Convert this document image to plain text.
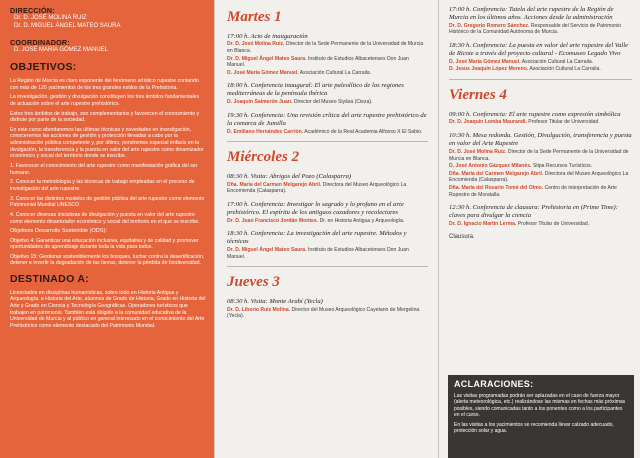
DIRECCIÓN:
Dr. D. JOSÉ MOLINA RUIZ
Dr. D. MIGUEL ÁNGEL MATEO SAURA
COORDINADOR:
D. JOSÉ MARÍA GÓMEZ MANUEL
OBJETIVOS:

La Región de Murcia es claro exponente del fenómeno artístico rupestre contando con más de 125 yacimientos de los tres grandes estilos de la Prehistoria.

La investigación, gestión y divulgación constituyen los tres ámbitos fundamentales de actuación sobre el arte rupestre prehistórico.

Estos tres ámbitos de trabajo, son complementarios y favorecen el conocimiento y disfrute por parte de la sociedad.

En este curso abordaremos las últimas técnicas y novedades en investigación, conoceremos las acciones de gestión y protección llevadas a cabo por la administración pública competente y, por último, pondremos especial énfasis en la divulgación, la transferencia y la puesta en valor del arte rupestre como dinamizador económico y social del territorio donde se inscribe.

1. Favorecer el conocimiento del arte rupestre como manifestación gráfica del ser humano.

2. Conocer la metodología y las técnicas de trabajo empleadas en el proceso de investigación del arte rupestre.

3. Conocer las distintos modelos de gestión pública del arte rupestre como elemento Patrimonial Mundial UNESCO.

4. Conocer diversas iniciativas de divulgación y puesta en valor del arte rupestre como elemento dinamizador económico y social del territorio en el que se inscribe.

Objetivos Desarrollo Sostenible (ODS):

Objetivo 4: Garantizar una educación inclusiva, equitativa y de calidad y promover oportunidades de aprendizaje durante toda la vida para todos.

Objetivo 15: Gestionar sosteniblemente los bosques, luchar contra la desertificación, detener e invertir la degradación de las tierras, detener la pérdida de biodiversidad.

DESTINADO A:

Licenciados en disciplinas humanísticas, sobre todo en Historia Antigua y Arqueología, e Historia del Arte, alumnos de Grado de Historia, Grado en Historia del Arte y Grado en Ciencia y Tecnología Geográficas. Operadores turísticos que trabajen en patrimonio. También está dirigido a la comunidad educativa de la Universidad de Murcia y al público en general interesado en el conocimiento del Arte Prehistórico como elemento destacado del Patrimonio Mundial.

Martes 1
17:00 h. Acto de inauguración
Dr. D. José Molina Ruiz. Director de la Sede Permanente de la Universidad de Murcia en Blanca.
Dr. D. Miguel Ángel Mateo Saura. Instituto de Estudios Albacetenses Don Juan Manuel.
D. José María Gómez Manuel. Asociación Cultural La Carraila.
18:00 h. Conferencia inaugural: El arte paleolítico de las regiones mediterráneas de la península ibérica
D. Joaquín Salmerón Juan. Director del Museo Siyâsa (Cieza).
19:30 h. Conferencia: Una revisión crítica del arte rupestre prehistórico de la comarca de Jumilla
D. Emiliano Hernández Carrión. Académico de la Real Academia Alfonso X El Sabio.
Miércoles 2
08:30 h. Visita: Abrigos del Pozo (Calasparra)
Dña. María del Carmen Melgarejo Abril. Directora del Museo Arqueológico La Encomienda (Calasparra).
17:00 h. Conferencia: Investigar lo sagrado y lo profano en el arte prehistórico. El espíritu de los antiguos cazadores y recolectores
Dr. D. Juan Francisco Jordán Montes. Dr. en Historia Antigua y Arqueología.
18:30 h. Conferencia: La investigación del arte rupestre. Métodos y técnicas
Dr. D. Miguel Ángel Mateo Saura. Instituto de Estudios Albacetenses Don Juan Manuel.
Jueves 3
08:30 h. Visita: Monte Arabí (Yecla)
Dr. D. Liborio Ruiz Molina. Director del Museo Arqueológico Cayetano de Mergelina (Yecla).
17:00 h. Conferencia: Tutela del arte rupestre de la Región de Murcia en los últimos años. Acciones desde la administración
Dr. D. Gregorio Romero Sánchez. Responsable del Servicio de Patrimonio Histórico de la Comunidad Autónoma de Murcia.
18:30 h. Conferencia: La puesta en valor del arte rupestre del Valle de Ricote a través del proyecto cultural - Ecomuseo Legado Vivo
D. José María Gómez Manuel. Asociación Cultural La Carraila.
D. Jesús Joaquín López Moreno. Asociación Cultural La Carraila.
Viernes 4
09:00 h. Conferencia: El arte rupestre como expresión simbólica
Dr. D. Joaquín Lomba Maurandi. Profesor Titular de Universidad.
10:30 h. Mesa redonda. Gestión, Divulgación, transferencia y puesta en valor del Arte Rupestre
Dr. D. José Molina Ruiz. Director de la Sede Permanente de la Universidad de Murcia en Blanca.
D. José Antonio Gázquez Milanés. Stipa Recursos Turísticos.
Dña. María del Carmen Melgarejo Abril. Directora del Museo Arqueológico La Encomienda (Calasparra).
Dña. María del Rosario Tomé del Olmo. Centro de interpretación de Arte Rupestre de Moratalla.
12:30 h. Conferencia de clausura: Prehistoria en (Prime Time): claves para divulgar la ciencia
Dr. D. Ignacio Martín Lerma. Profesor Titular de Universidad.
Clausura.
ACLARACIONES:

Las visitas programadas podrán ser aplazadas en el caso de fuerza mayor (alerta meteorológica, etc.) realizándose las mismas en fechas más próximas posibles, siendo comunicadas tanto a los ponentes como a los participantes en el curso.

En las visitas a los yacimientos se recomienda llevar calzado adecuado, protección solar y agua.
